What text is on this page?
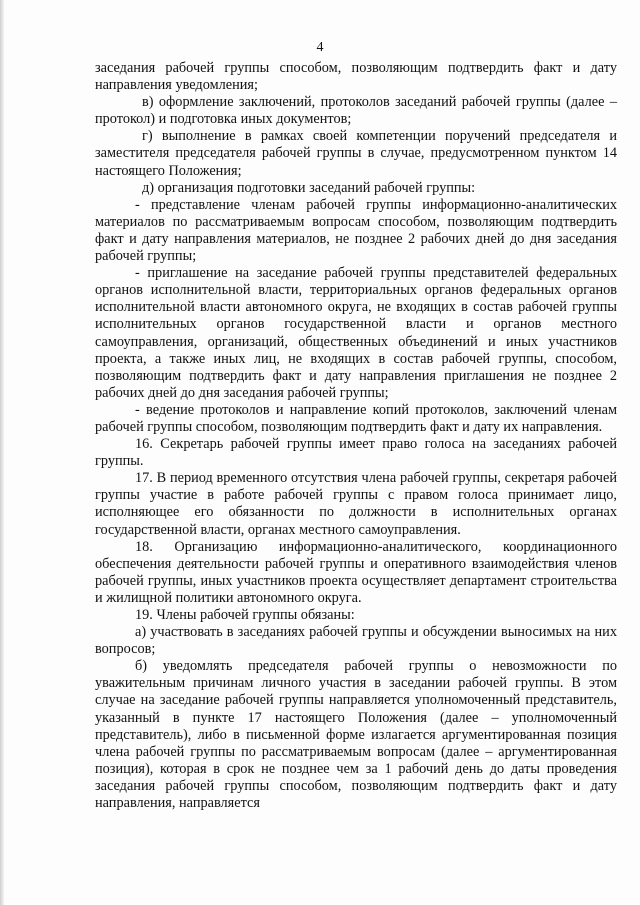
4

заседания рабочей группы способом, позволяющим подтвердить факт и дату направления уведомления;

в) оформление заключений, протоколов заседаний рабочей группы (далее – протокол) и подготовка иных документов;

г) выполнение в рамках своей компетенции поручений председателя и заместителя председателя рабочей группы в случае, предусмотренном пунктом 14 настоящего Положения;

д) организация подготовки заседаний рабочей группы:

- представление членам рабочей группы информационно-аналитических материалов по рассматриваемым вопросам способом, позволяющим подтвердить факт и дату направления материалов, не позднее 2 рабочих дней до дня заседания рабочей группы;

- приглашение на заседание рабочей группы представителей федеральных органов исполнительной власти, территориальных органов федеральных органов исполнительной власти автономного округа, не входящих в состав рабочей группы исполнительных органов государственной власти и органов местного самоуправления, организаций, общественных объединений и иных участников проекта, а также иных лиц, не входящих в состав рабочей группы, способом, позволяющим подтвердить факт и дату направления приглашения не позднее 2 рабочих дней до дня заседания рабочей группы;

- ведение протоколов и направление копий протоколов, заключений членам рабочей группы способом, позволяющим подтвердить факт и дату их направления.

16. Секретарь рабочей группы имеет право голоса на заседаниях рабочей группы.

17. В период временного отсутствия члена рабочей группы, секретаря рабочей группы участие в работе рабочей группы с правом голоса принимает лицо, исполняющее его обязанности по должности в исполнительных органах государственной власти, органах местного самоуправления.

18. Организацию информационно-аналитического, координационного обеспечения деятельности рабочей группы и оперативного взаимодействия членов рабочей группы, иных участников проекта осуществляет департамент строительства и жилищной политики автономного округа.

19. Члены рабочей группы обязаны:

а) участвовать в заседаниях рабочей группы и обсуждении выносимых на них вопросов;

б) уведомлять председателя рабочей группы о невозможности по уважительным причинам личного участия в заседании рабочей группы. В этом случае на заседание рабочей группы направляется уполномоченный представитель, указанный в пункте 17 настоящего Положения (далее – уполномоченный представитель), либо в письменной форме излагается аргументированная позиция члена рабочей группы по рассматриваемым вопросам (далее – аргументированная позиция), которая в срок не позднее чем за 1 рабочий день до даты проведения заседания рабочей группы способом, позволяющим подтвердить факт и дату направления, направляется
